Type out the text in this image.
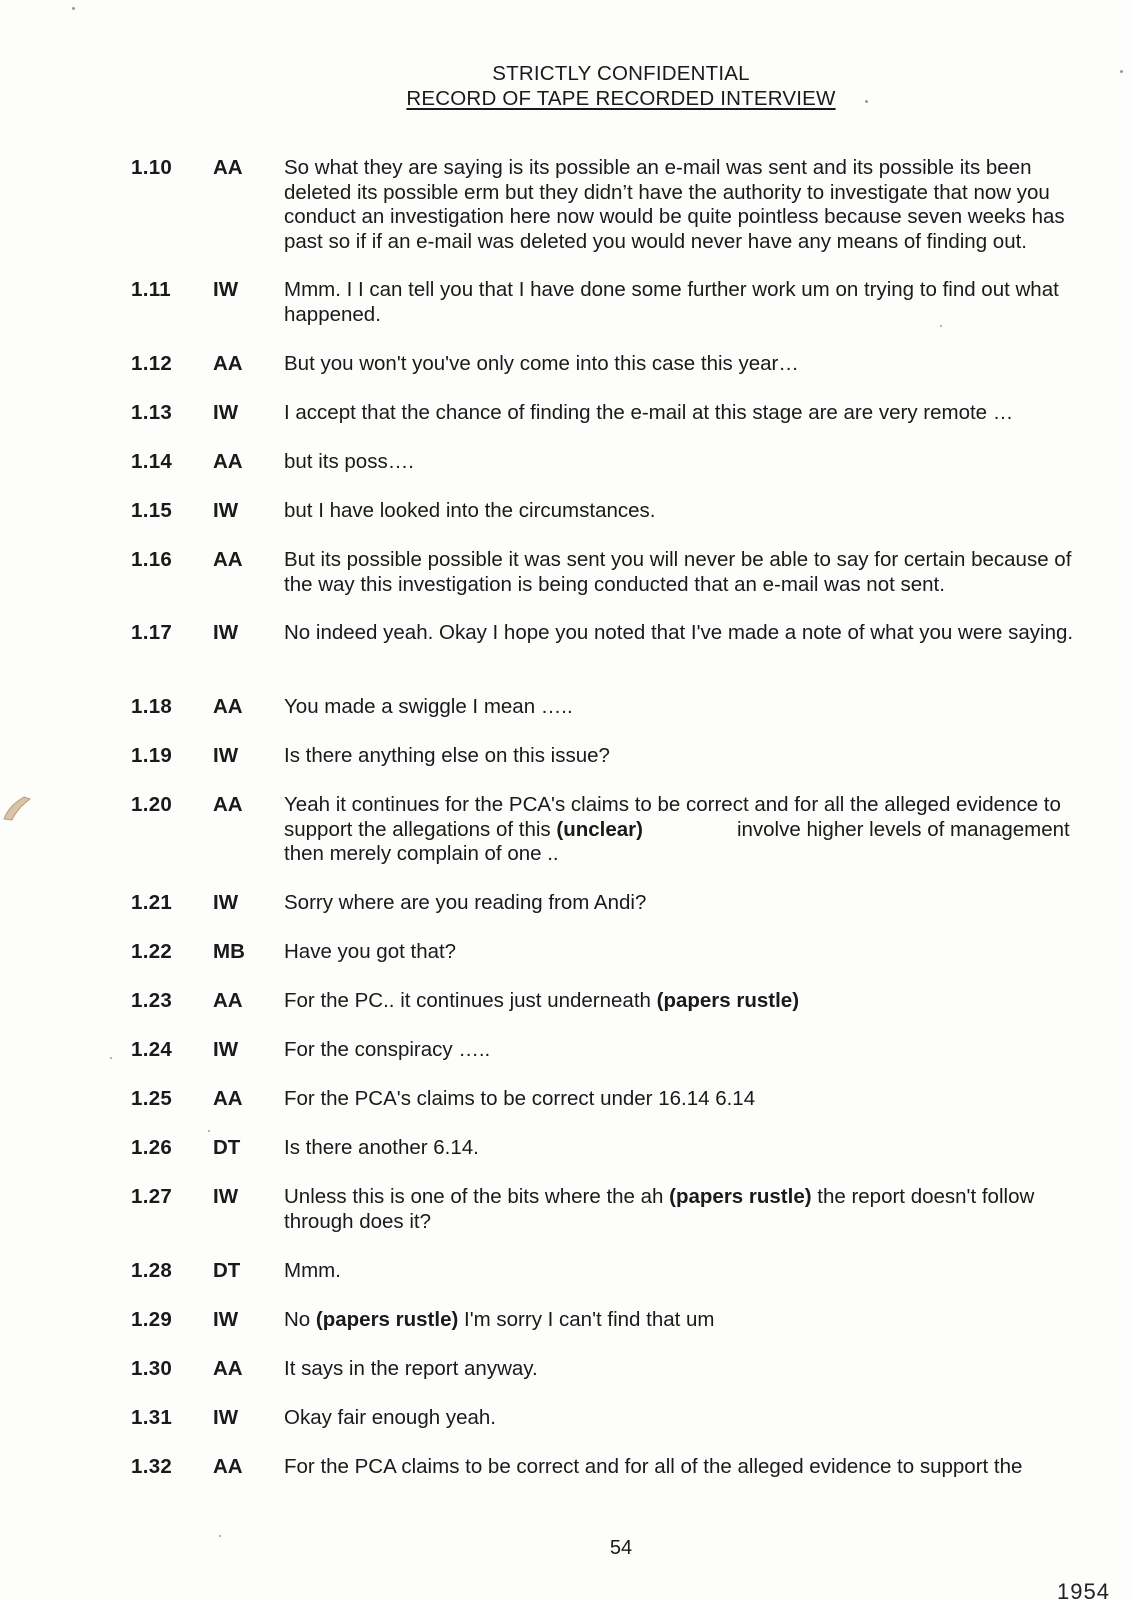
STRICTLY CONFIDENTIAL
RECORD OF TAPE RECORDED INTERVIEW
1.10 AA So what they are saying is its possible an e-mail was sent and its possible its been deleted its possible erm but they didn’t have the authority to investigate that now you conduct an investigation here now would be quite pointless because seven weeks has past so if if an e-mail was deleted you would never have any means of finding out.
1.11 IW Mmm. I I can tell you that I have done some further work um on trying to find out what happened.
1.12 AA But you won't you've only come into this case this year…
1.13 IW I accept that the chance of finding the e-mail at this stage are are very remote …
1.14 AA but its poss….
1.15 IW but I have looked into the circumstances.
1.16 AA But its possible possible it was sent you will never be able to say for certain because of the way this investigation is being conducted that an e-mail was not sent.
1.17 IW No indeed yeah. Okay I hope you noted that I've made a note of what you were saying.
1.18 AA You made a swiggle I mean …..
1.19 IW Is there anything else on this issue?
1.20 AA Yeah it continues for the PCA's claims to be correct and for all the alleged evidence to support the allegations of this (unclear)	involve higher levels of management then merely complain of one ..
1.21 IW Sorry where are you reading from Andi?
1.22 MB Have you got that?
1.23 AA For the PC.. it continues just underneath (papers rustle)
1.24 IW For the conspiracy …..
1.25 AA For the PCA's claims to be correct under 16.14 6.14
1.26 DT Is there another 6.14.
1.27 IW Unless this is one of the bits where the ah (papers rustle) the report doesn't follow through does it?
1.28 DT Mmm.
1.29 IW No (papers rustle) I'm sorry I can't find that um
1.30 AA It says in the report anyway.
1.31 IW Okay fair enough yeah.
1.32 AA For the PCA claims to be correct and for all of the alleged evidence to support the
54
1954
